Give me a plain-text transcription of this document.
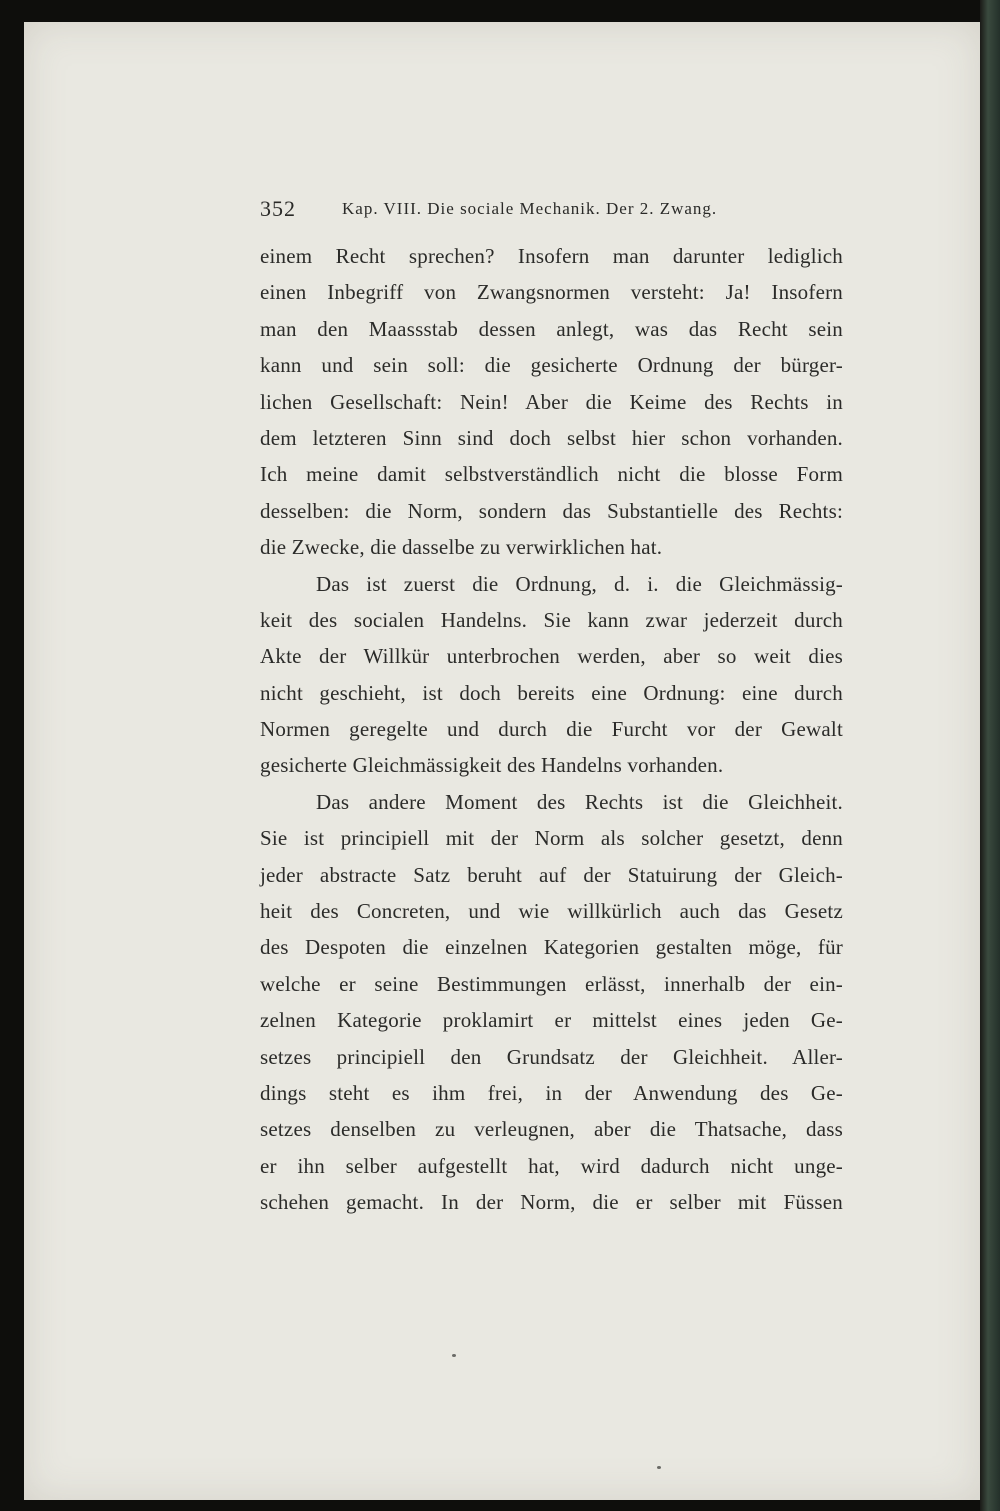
352	Kap. VIII. Die sociale Mechanik. Der 2. Zwang.
einem Recht sprechen? Insofern man darunter lediglich
einen Inbegriff von Zwangsnormen versteht: Ja! Insofern
man den Maassstab dessen anlegt, was das Recht sein
kann und sein soll: die gesicherte Ordnung der bürger-
lichen Gesellschaft: Nein! Aber die Keime des Rechts in
dem letzteren Sinn sind doch selbst hier schon vorhanden.
Ich meine damit selbstverständlich nicht die blosse Form
desselben: die Norm, sondern das Substantielle des Rechts:
die Zwecke, die dasselbe zu verwirklichen hat.
Das ist zuerst die Ordnung, d. i. die Gleichmässig-
keit des socialen Handelns. Sie kann zwar jederzeit durch
Akte der Willkür unterbrochen werden, aber so weit dies
nicht geschieht, ist doch bereits eine Ordnung: eine durch
Normen geregelte und durch die Furcht vor der Gewalt
gesicherte Gleichmässigkeit des Handelns vorhanden.
Das andere Moment des Rechts ist die Gleichheit.
Sie ist principiell mit der Norm als solcher gesetzt, denn
jeder abstracte Satz beruht auf der Statuirung der Gleich-
heit des Concreten, und wie willkürlich auch das Gesetz
des Despoten die einzelnen Kategorien gestalten möge, für
welche er seine Bestimmungen erlässt, innerhalb der ein-
zelnen Kategorie proklamirt er mittelst eines jeden Ge-
setzes principiell den Grundsatz der Gleichheit. Aller-
dings steht es ihm frei, in der Anwendung des Ge-
setzes denselben zu verleugnen, aber die Thatsache, dass
er ihn selber aufgestellt hat, wird dadurch nicht unge-
schehen gemacht. In der Norm, die er selber mit Füssen
